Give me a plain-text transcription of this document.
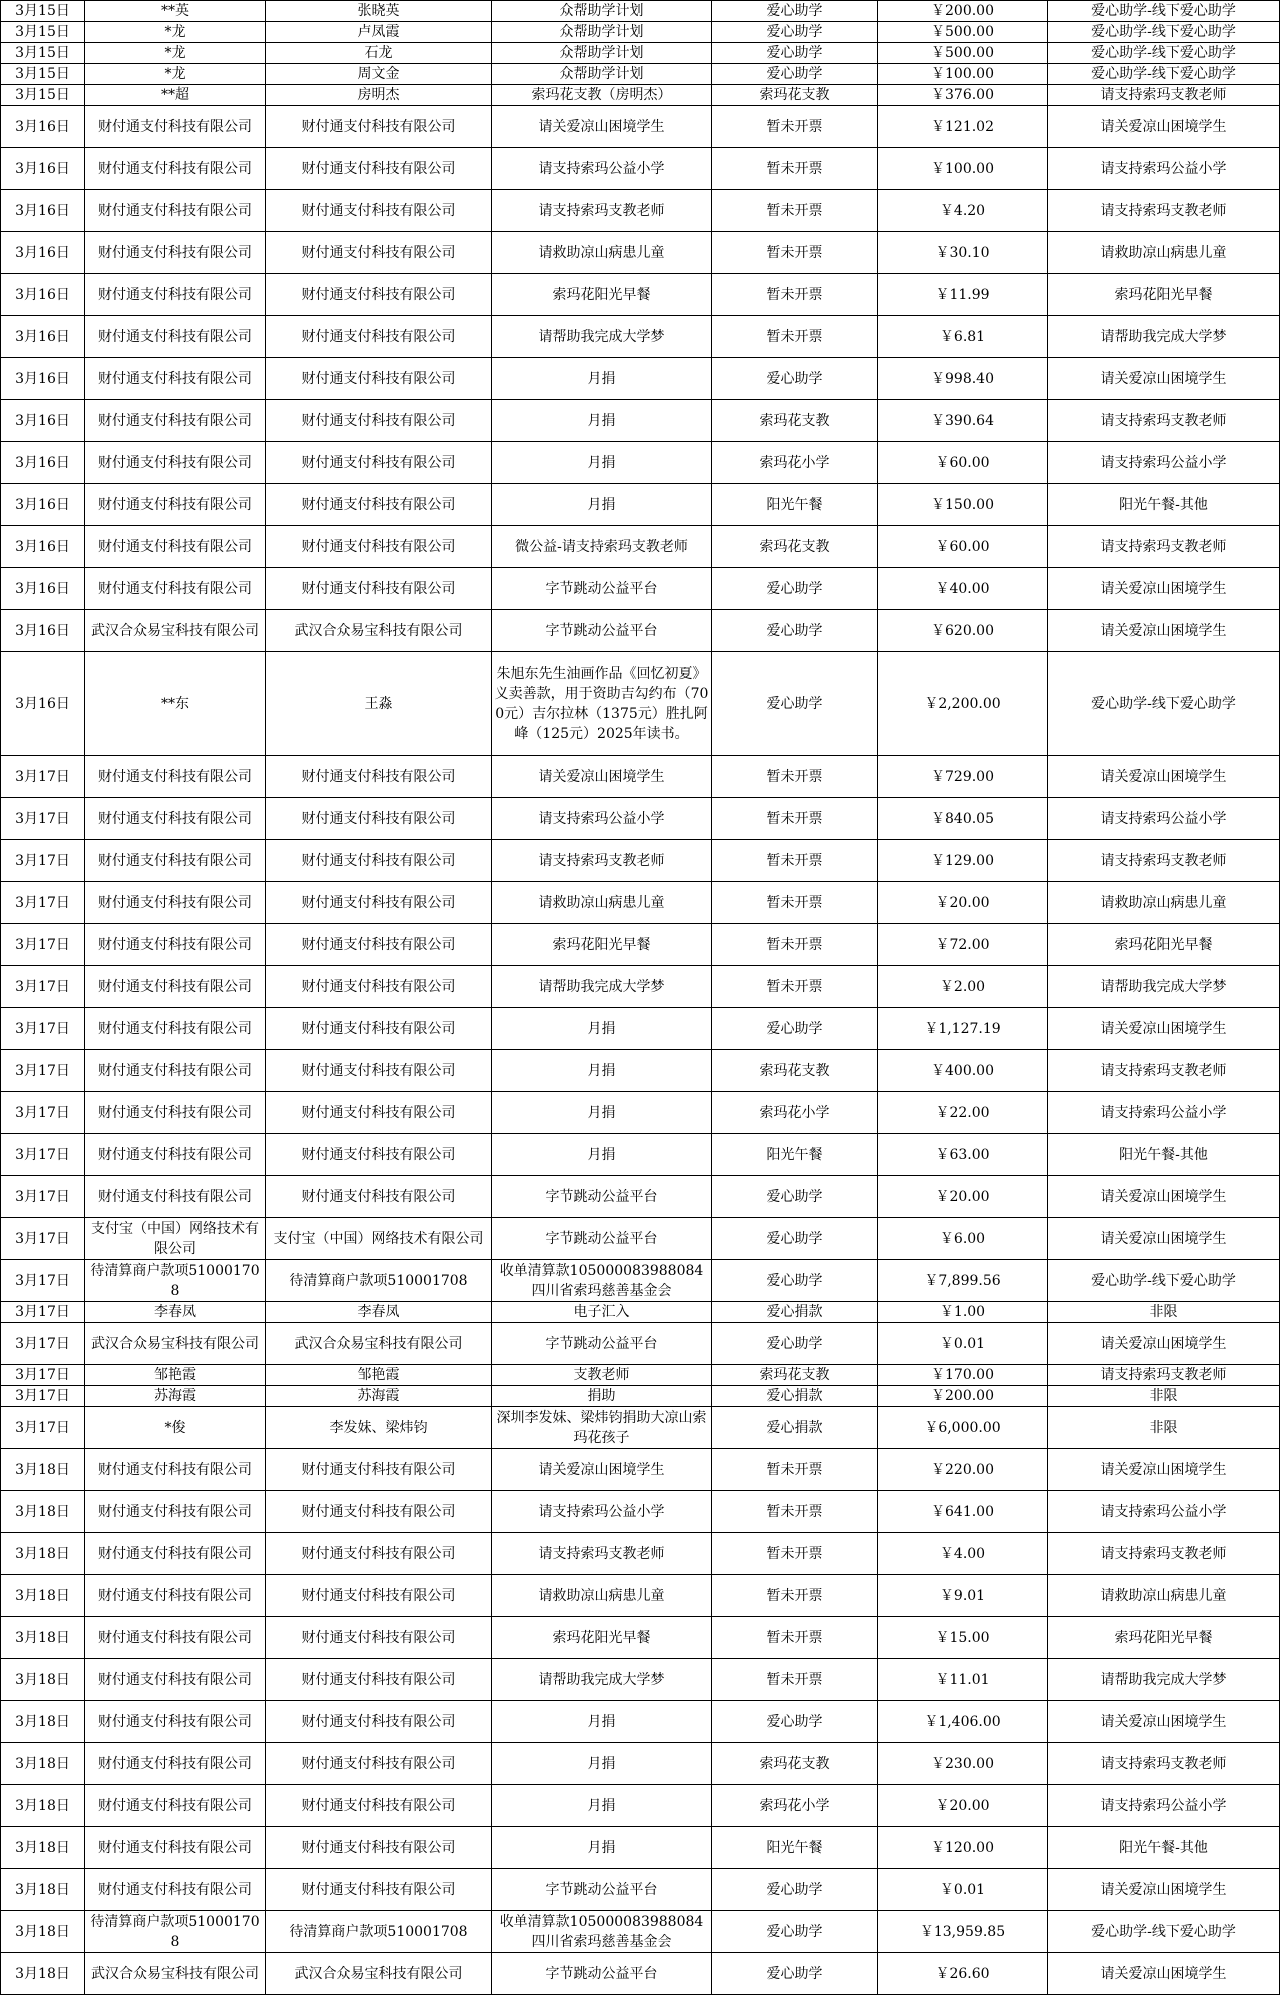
3月15日	**英	张晓英	众帮助学计划	爱心助学	￥200.00	爱心助学-线下爱心助学
3月15日	*龙	卢凤霞	众帮助学计划	爱心助学	￥500.00	爱心助学-线下爱心助学
3月15日	*龙	石龙	众帮助学计划	爱心助学	￥500.00	爱心助学-线下爱心助学
3月15日	*龙	周文金	众帮助学计划	爱心助学	￥100.00	爱心助学-线下爱心助学
3月15日	**超	房明杰	索玛花支教（房明杰）	索玛花支教	￥376.00	请支持索玛支教老师
3月16日	财付通支付科技有限公司	财付通支付科技有限公司	请关爱凉山困境学生	暂未开票	￥121.02	请关爱凉山困境学生
3月16日	财付通支付科技有限公司	财付通支付科技有限公司	请支持索玛公益小学	暂未开票	￥100.00	请支持索玛公益小学
3月16日	财付通支付科技有限公司	财付通支付科技有限公司	请支持索玛支教老师	暂未开票	￥4.20	请支持索玛支教老师
3月16日	财付通支付科技有限公司	财付通支付科技有限公司	请救助凉山病患儿童	暂未开票	￥30.10	请救助凉山病患儿童
3月16日	财付通支付科技有限公司	财付通支付科技有限公司	索玛花阳光早餐	暂未开票	￥11.99	索玛花阳光早餐
3月16日	财付通支付科技有限公司	财付通支付科技有限公司	请帮助我完成大学梦	暂未开票	￥6.81	请帮助我完成大学梦
3月16日	财付通支付科技有限公司	财付通支付科技有限公司	月捐	爱心助学	￥998.40	请关爱凉山困境学生
3月16日	财付通支付科技有限公司	财付通支付科技有限公司	月捐	索玛花支教	￥390.64	请支持索玛支教老师
3月16日	财付通支付科技有限公司	财付通支付科技有限公司	月捐	索玛花小学	￥60.00	请支持索玛公益小学
3月16日	财付通支付科技有限公司	财付通支付科技有限公司	月捐	阳光午餐	￥150.00	阳光午餐-其他
3月16日	财付通支付科技有限公司	财付通支付科技有限公司	微公益-请支持索玛支教老师	索玛花支教	￥60.00	请支持索玛支教老师
3月16日	财付通支付科技有限公司	财付通支付科技有限公司	字节跳动公益平台	爱心助学	￥40.00	请关爱凉山困境学生
3月16日	武汉合众易宝科技有限公司	武汉合众易宝科技有限公司	字节跳动公益平台	爱心助学	￥620.00	请关爱凉山困境学生
3月16日	**东	王淼	朱旭东先生油画作品《回忆初夏》义卖善款，用于资助吉勾约布（700元）吉尔拉林（1375元）胜扎阿峰（125元）2025年读书。	爱心助学	￥2,200.00	爱心助学-线下爱心助学
3月17日	财付通支付科技有限公司	财付通支付科技有限公司	请关爱凉山困境学生	暂未开票	￥729.00	请关爱凉山困境学生
3月17日	财付通支付科技有限公司	财付通支付科技有限公司	请支持索玛公益小学	暂未开票	￥840.05	请支持索玛公益小学
3月17日	财付通支付科技有限公司	财付通支付科技有限公司	请支持索玛支教老师	暂未开票	￥129.00	请支持索玛支教老师
3月17日	财付通支付科技有限公司	财付通支付科技有限公司	请救助凉山病患儿童	暂未开票	￥20.00	请救助凉山病患儿童
3月17日	财付通支付科技有限公司	财付通支付科技有限公司	索玛花阳光早餐	暂未开票	￥72.00	索玛花阳光早餐
3月17日	财付通支付科技有限公司	财付通支付科技有限公司	请帮助我完成大学梦	暂未开票	￥2.00	请帮助我完成大学梦
3月17日	财付通支付科技有限公司	财付通支付科技有限公司	月捐	爱心助学	￥1,127.19	请关爱凉山困境学生
3月17日	财付通支付科技有限公司	财付通支付科技有限公司	月捐	索玛花支教	￥400.00	请支持索玛支教老师
3月17日	财付通支付科技有限公司	财付通支付科技有限公司	月捐	索玛花小学	￥22.00	请支持索玛公益小学
3月17日	财付通支付科技有限公司	财付通支付科技有限公司	月捐	阳光午餐	￥63.00	阳光午餐-其他
3月17日	财付通支付科技有限公司	财付通支付科技有限公司	字节跳动公益平台	爱心助学	￥20.00	请关爱凉山困境学生
3月17日	支付宝（中国）网络技术有限公司	支付宝（中国）网络技术有限公司	字节跳动公益平台	爱心助学	￥6.00	请关爱凉山困境学生
3月17日	待清算商户款项510001708	待清算商户款项510001708	收单清算款105000083988084四川省索玛慈善基金会	爱心助学	￥7,899.56	爱心助学-线下爱心助学
3月17日	李春凤	李春凤	电子汇入	爱心捐款	￥1.00	非限
3月17日	武汉合众易宝科技有限公司	武汉合众易宝科技有限公司	字节跳动公益平台	爱心助学	￥0.01	请关爱凉山困境学生
3月17日	邹艳霞	邹艳霞	支教老师	索玛花支教	￥170.00	请支持索玛支教老师
3月17日	苏海霞	苏海霞	捐助	爱心捐款	￥200.00	非限
3月17日	*俊	李发妹、梁炜钧	深圳李发妹、梁炜钧捐助大凉山索玛花孩子	爱心捐款	￥6,000.00	非限
3月18日	财付通支付科技有限公司	财付通支付科技有限公司	请关爱凉山困境学生	暂未开票	￥220.00	请关爱凉山困境学生
3月18日	财付通支付科技有限公司	财付通支付科技有限公司	请支持索玛公益小学	暂未开票	￥641.00	请支持索玛公益小学
3月18日	财付通支付科技有限公司	财付通支付科技有限公司	请支持索玛支教老师	暂未开票	￥4.00	请支持索玛支教老师
3月18日	财付通支付科技有限公司	财付通支付科技有限公司	请救助凉山病患儿童	暂未开票	￥9.01	请救助凉山病患儿童
3月18日	财付通支付科技有限公司	财付通支付科技有限公司	索玛花阳光早餐	暂未开票	￥15.00	索玛花阳光早餐
3月18日	财付通支付科技有限公司	财付通支付科技有限公司	请帮助我完成大学梦	暂未开票	￥11.01	请帮助我完成大学梦
3月18日	财付通支付科技有限公司	财付通支付科技有限公司	月捐	爱心助学	￥1,406.00	请关爱凉山困境学生
3月18日	财付通支付科技有限公司	财付通支付科技有限公司	月捐	索玛花支教	￥230.00	请支持索玛支教老师
3月18日	财付通支付科技有限公司	财付通支付科技有限公司	月捐	索玛花小学	￥20.00	请支持索玛公益小学
3月18日	财付通支付科技有限公司	财付通支付科技有限公司	月捐	阳光午餐	￥120.00	阳光午餐-其他
3月18日	财付通支付科技有限公司	财付通支付科技有限公司	字节跳动公益平台	爱心助学	￥0.01	请关爱凉山困境学生
3月18日	待清算商户款项510001708	待清算商户款项510001708	收单清算款105000083988084四川省索玛慈善基金会	爱心助学	￥13,959.85	爱心助学-线下爱心助学
3月18日	武汉合众易宝科技有限公司	武汉合众易宝科技有限公司	字节跳动公益平台	爱心助学	￥26.60	请关爱凉山困境学生
